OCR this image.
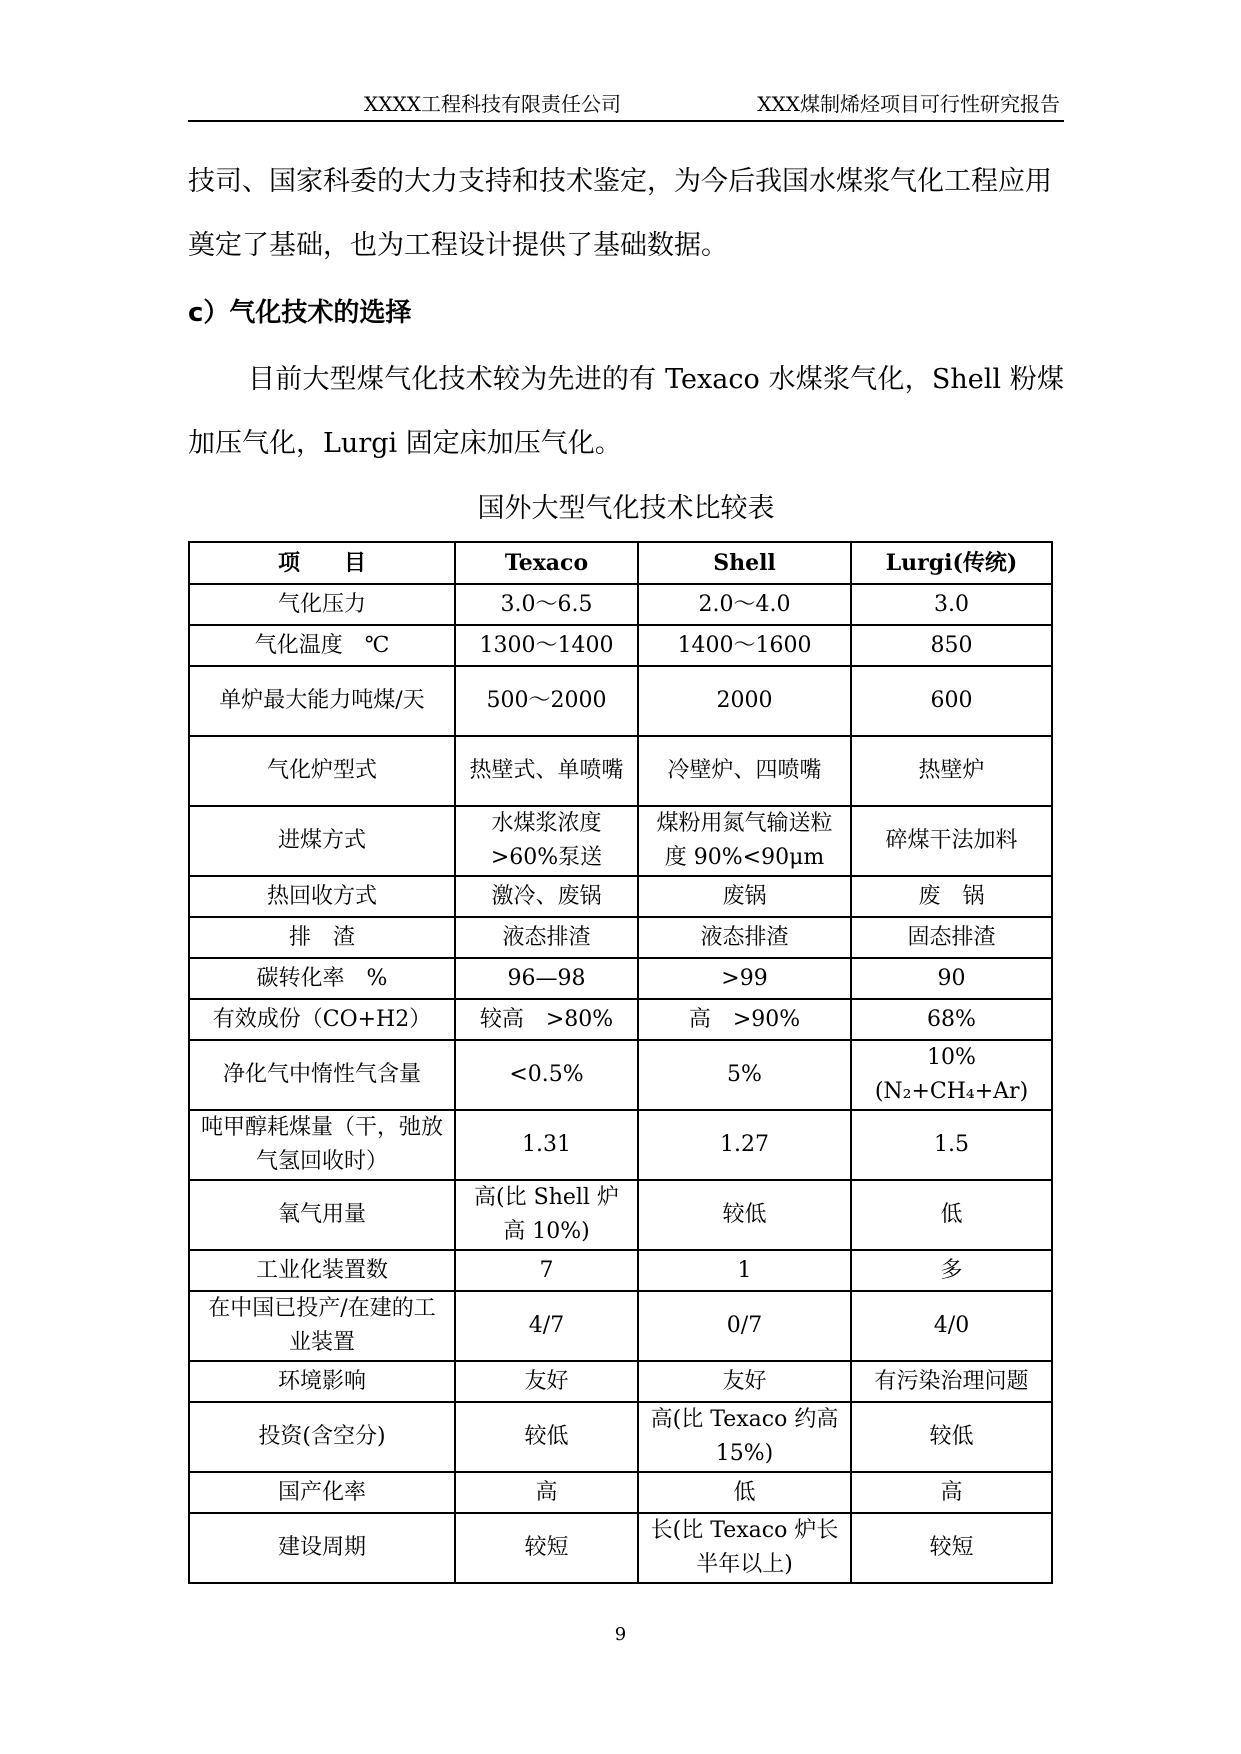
XXXX工程科技有限责任公司	XXX煤制烯烃项目可行性研究报告
技司、国家科委的大力支持和技术鉴定，为今后我国水煤浆气化工程应用奠定了基础，也为工程设计提供了基础数据。
c）气化技术的选择
目前大型煤气化技术较为先进的有 Texaco 水煤浆气化，Shell 粉煤加压气化，Lurgi 固定床加压气化。
国外大型气化技术比较表
项　　目	Texaco	Shell	Lurgi(传统)
气化压力	3.0～6.5	2.0～4.0	3.0
气化温度　℃	1300～1400	1400～1600	850
单炉最大能力吨煤/天	500～2000	2000	600
气化炉型式	热壁式、单喷嘴	冷壁炉、四喷嘴	热壁炉
进煤方式	水煤浆浓度>60%泵送	煤粉用氮气输送粒度 90%<90μm	碎煤干法加料
热回收方式	激冷、废锅	废锅	废　锅
排　渣	液态排渣	液态排渣	固态排渣
碳转化率　%	96—98	>99	90
有效成份（CO+H2）	较高　>80%	高　>90%	68%
净化气中惰性气含量	<0.5%	5%	10%(N₂+CH₄+Ar)
吨甲醇耗煤量（干，弛放气氢回收时）	1.31	1.27	1.5
氧气用量	高(比 Shell 炉高 10%)	较低	低
工业化装置数	7	1	多
在中国已投产/在建的工业装置	4/7	0/7	4/0
环境影响	友好	友好	有污染治理问题
投资(含空分)	较低	高(比 Texaco 约高 15%)	较低
国产化率	高	低	高
建设周期	较短	长(比 Texaco 炉长半年以上)	较短
9
